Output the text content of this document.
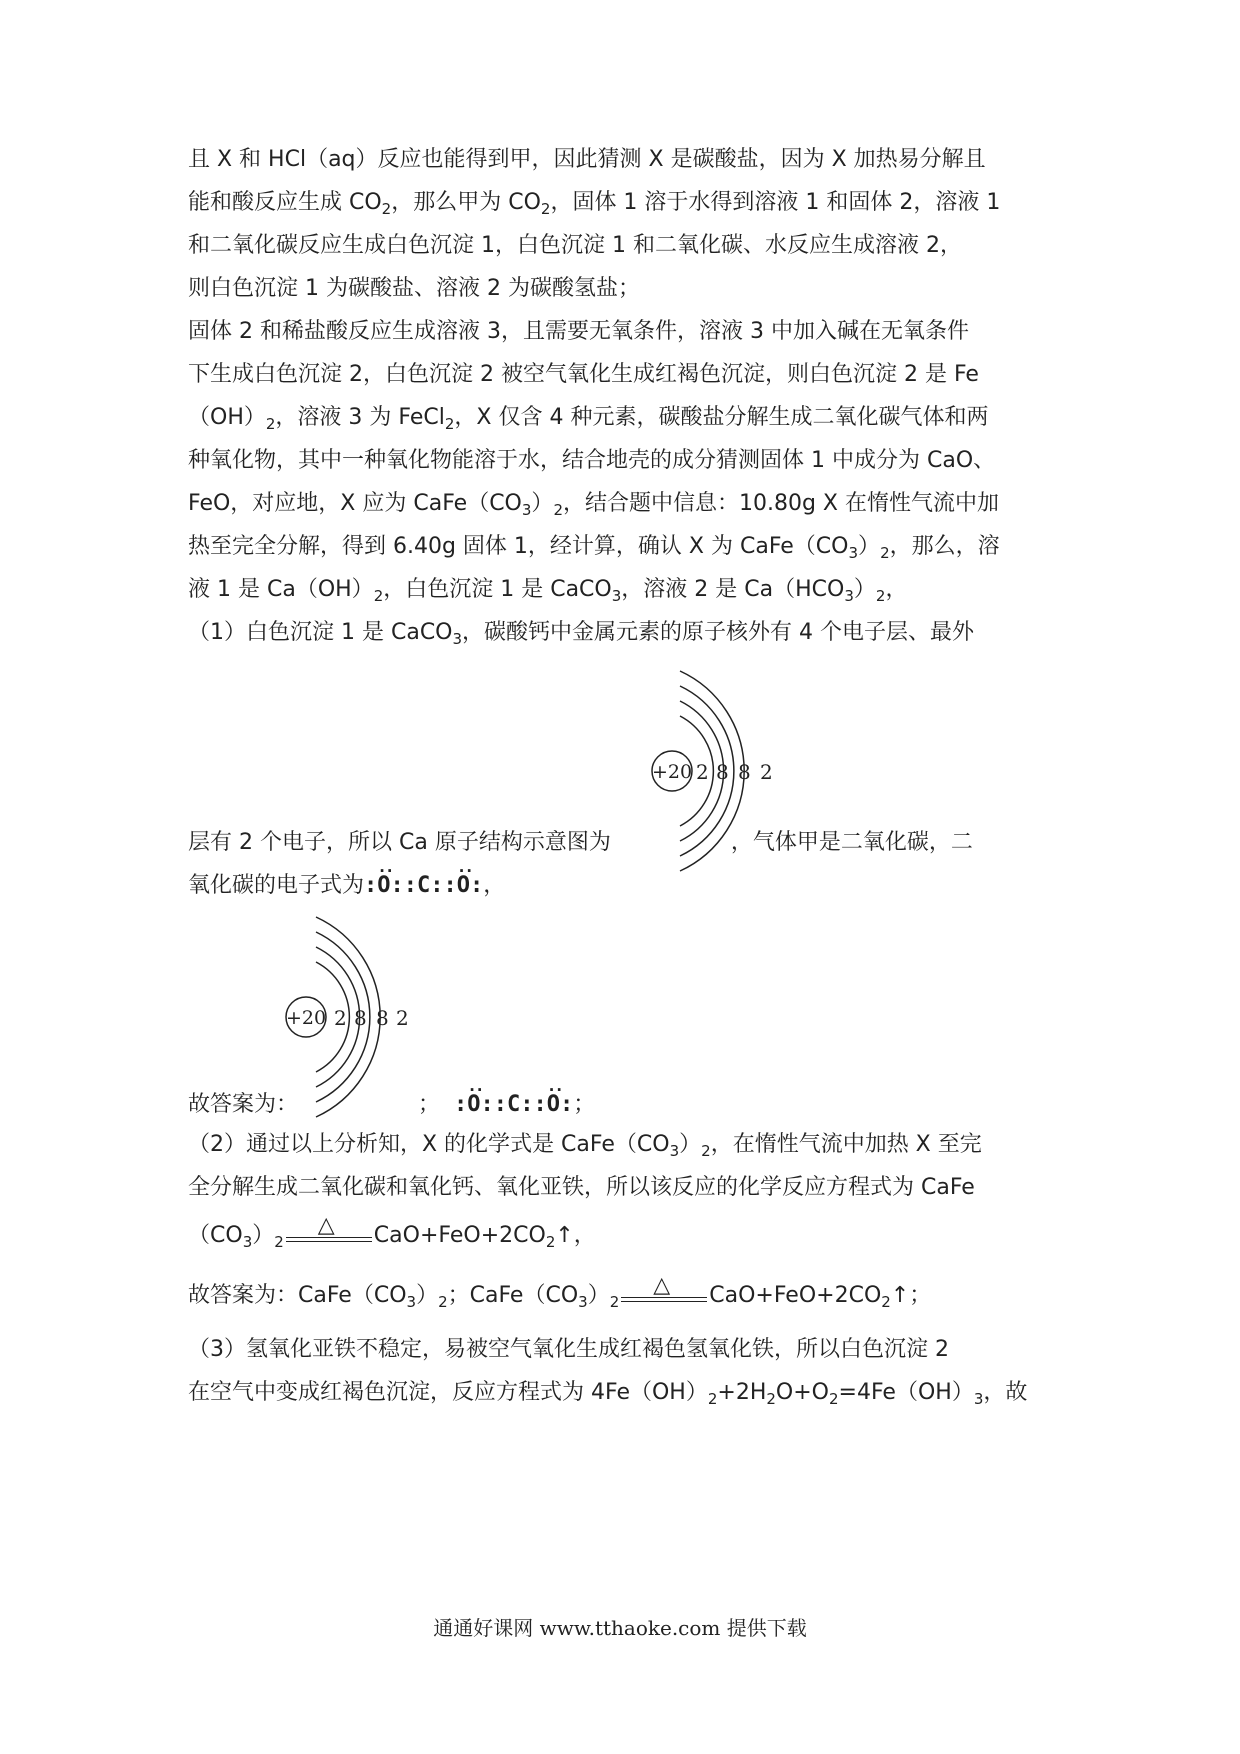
且 X 和 HCl（aq）反应也能得到甲，因此猜测 X 是碳酸盐，因为 X 加热易分解且
能和酸反应生成 $CO_2$，那么甲为 $CO_2$，固体 1 溶于水得到溶液 1 和固体 2，溶液 1
和二氧化碳反应生成白色沉淀 1，白色沉淀 1 和二氧化碳、水反应生成溶液 2，
则白色沉淀 1 为碳酸盐、溶液 2 为碳酸氢盐；
固体 2 和稀盐酸反应生成溶液 3，且需要无氧条件，溶液 3 中加入碱在无氧条件
下生成白色沉淀 2，白色沉淀 2 被空气氧化生成红褐色沉淀，则白色沉淀 2 是 Fe
$(OH)_2$，溶液 3 为 FeCl$_2$，X 仅含 4 种元素，碳酸盐分解生成二氧化碳气体和两
种氧化物，其中一种氧化物能溶于水，结合地壳的成分猜测固体 1 中成分为 CaO、
FeO，对应地，X 应为 $CaFe(CO_3)_2$，结合题中信息：10.80g X 在惰性气流中加
热至完全分解，得到 6.40g 固体 1，经计算，确认 X 为 $CaFe(CO_3)_2$，那么，溶
液 1 是 $Ca(OH)_2$，白色沉淀 1 是 CaCO$_3$，溶液 2 是 $Ca(HCO_3)_2$，
（1）白色沉淀 1 是 CaCO$_3$，碳酸钙中金属元素的原子核外有 4 个电子层、最外
+20 2 8 8 2
层有 2 个电子，所以 Ca 原子结构示意图为	，气体甲是二氧化碳，二
氧化碳的电子式为:·· O::C::·· O:，
+20 2 8 8 2
故答案为：	； :·· O::C::·· O:；
（2）通过以上分析知，X 的化学式是 $CaFe(CO_3)_2$，在惰性气流中加热 X 至完
全分解生成二氧化碳和氧化钙、氧化亚铁，所以该反应的化学反应方程式为 CaFe
$(CO_3)_2$
△ $CaO+FeO+2CO_2↑$，
故答案为：$CaFe(CO_3)_2$；$CaFe(CO_3)_2$
△ $CaO+FeO+2CO_2↑$；
（3）氢氧化亚铁不稳定，易被空气氧化生成红褐色氢氧化铁，所以白色沉淀 2
在空气中变成红褐色沉淀，反应方程式为 $4Fe(OH)_2+2H_2O+O_2=4Fe(OH)_3$，故
通通好课网 www.tthaoke.com 提供下载
